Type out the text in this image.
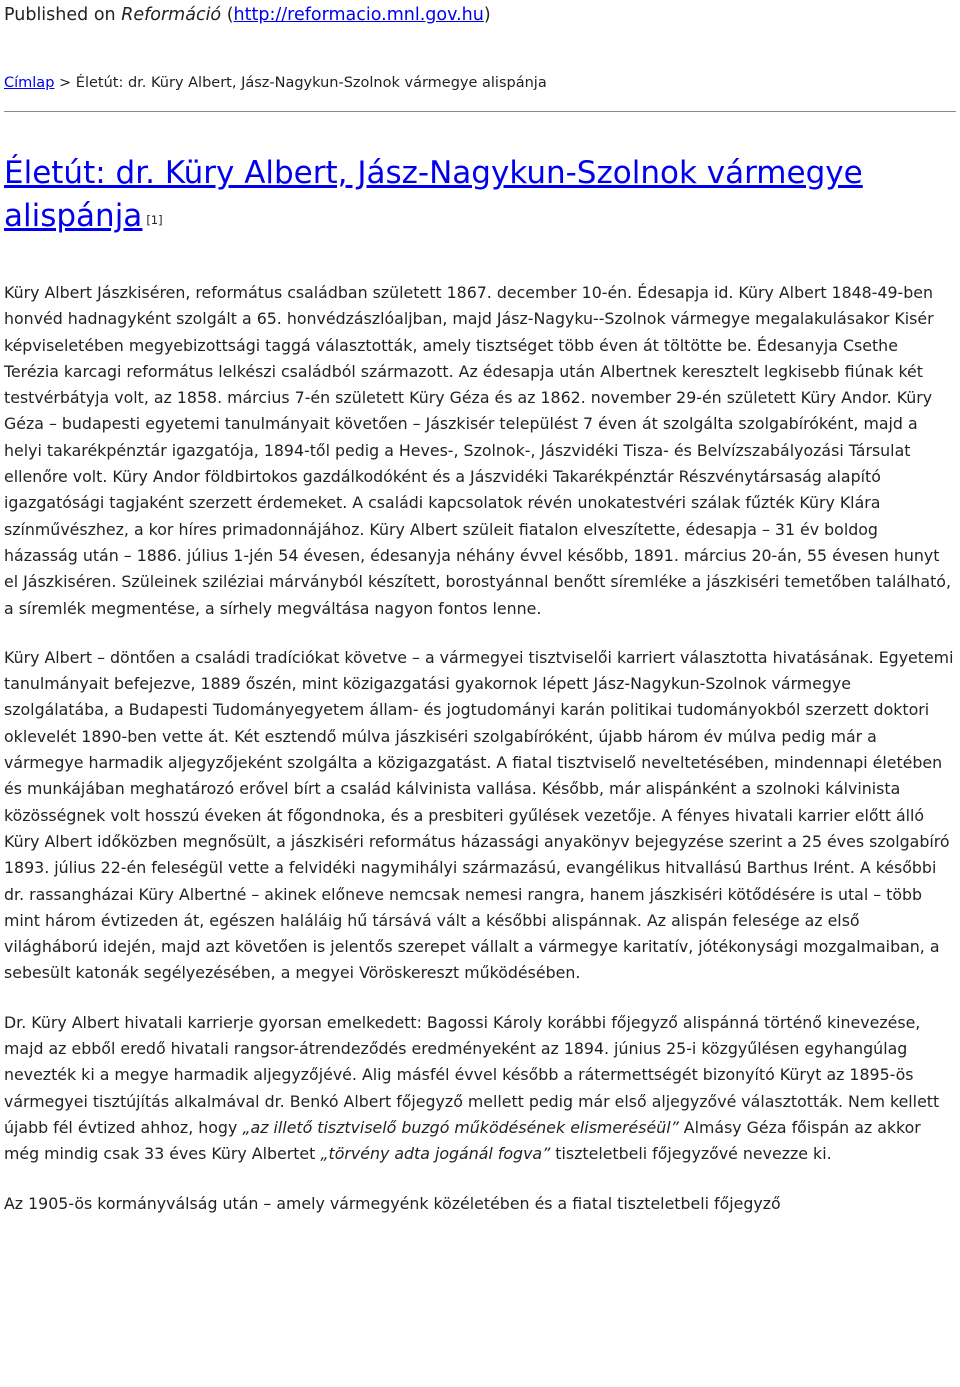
Published on Reformáció (http://reformacio.mnl.gov.hu)
Címlap > Életút: dr. Küry Albert, Jász-Nagykun-Szolnok vármegye alispánja
Életút: dr. Küry Albert, Jász-Nagykun-Szolnok vármegye alispánja [1]

Küry Albert Jászkiséren, református családban született 1867. december 10-én. Édesapja id. Küry Albert 1848-49-ben honvéd hadnagyként szolgált a 65. honvédzászlóaljban, majd Jász-Nagyku--Szolnok vármegye megalakulásakor Kisér képviseletében megyebizottsági taggá választották, amely tisztséget több éven át töltötte be. Édesanyja Csethe Terézia karcagi református lelkészi családból származott. Az édesapja után Albertnek keresztelt legkisebb fiúnak két testvérbátyja volt, az 1858. március 7-én született Küry Géza és az 1862. november 29-én született Küry Andor. Küry Géza – budapesti egyetemi tanulmányait követően – Jászkisér települést 7 éven át szolgálta szolgabíróként, majd a helyi takarékpénztár igazgatója, 1894-től pedig a Heves-, Szolnok-, Jászvidéki Tisza- és Belvízszabályozási Társulat ellenőre volt. Küry Andor földbirtokos gazdálkodóként és a Jászvidéki Takarékpénztár Részvénytársaság alapító igazgatósági tagjaként szerzett érdemeket. A családi kapcsolatok révén unokatestvéri szálak fűzték Küry Klára színművészhez, a kor híres primadonnájához. Küry Albert szüleit fiatalon elveszítette, édesapja – 31 év boldog házasság után – 1886. július 1-jén 54 évesen, édesanyja néhány évvel később, 1891. március 20-án, 55 évesen hunyt el Jászkiséren. Szüleinek sziléziai márványból készített, borostyánnal benőtt síremléke a jászkiséri temetőben található, a síremlék megmentése, a sírhely megváltása nagyon fontos lenne.

Küry Albert – döntően a családi tradíciókat követve – a vármegyei tisztviselői karriert választotta hivatásának. Egyetemi tanulmányait befejezve, 1889 őszén, mint közigazgatási gyakornok lépett Jász-Nagykun-Szolnok vármegye szolgálatába, a Budapesti Tudományegyetem állam- és jogtudományi karán politikai tudományokból szerzett doktori oklevelét 1890-ben vette át. Két esztendő múlva jászkiséri szolgabíróként, újabb három év múlva pedig már a vármegye harmadik aljegyzőjeként szolgálta a közigazgatást. A fiatal tisztviselő neveltetésében, mindennapi életében és munkájában meghatározó erővel bírt a család kálvinista vallása. Később, már alispánként a szolnoki kálvinista közösségnek volt hosszú éveken át főgondnoka, és a presbiteri gyűlések vezetője. A fényes hivatali karrier előtt álló Küry Albert időközben megnősült, a jászkiséri református házassági anyakönyv bejegyzése szerint a 25 éves szolgabíró 1893. július 22-én feleségül vette a felvidéki nagymihályi származású, evangélikus hitvallású Barthus Irént. A későbbi dr. rassangházai Küry Albertné – akinek előneve nemcsak nemesi rangra, hanem jászkiséri kötődésére is utal – több mint három évtizeden át, egészen haláláig hű társává vált a későbbi alispánnak. Az alispán felesége az első világháború idején, majd azt követően is jelentős szerepet vállalt a vármegye karitatív, jótékonysági mozgalmaiban, a sebesült katonák segélyezésében, a megyei Vöröskereszt működésében.

Dr. Küry Albert hivatali karrierje gyorsan emelkedett: Bagossi Károly korábbi főjegyző alispánná történő kinevezése, majd az ebből eredő hivatali rangsor-átrendeződés eredményeként az 1894. június 25-i közgyűlésen egyhangúlag nevezték ki a megye harmadik aljegyzőjévé. Alig másfél évvel később a rátermettségét bizonyító Küryt az 1895-ös vármegyei tisztújítás alkalmával dr. Benkó Albert főjegyző mellett pedig már első aljegyzővé választották. Nem kellett újabb fél évtized ahhoz, hogy „az illető tisztviselő buzgó működésének elismeréséül” Almásy Géza főispán az akkor még mindig csak 33 éves Küry Albertet „törvény adta jogánál fogva” tiszteletbeli főjegyzővé nevezze ki.

Az 1905-ös kormányválság után – amely vármegyénk közéletében és a fiatal tiszteletbeli főjegyző
